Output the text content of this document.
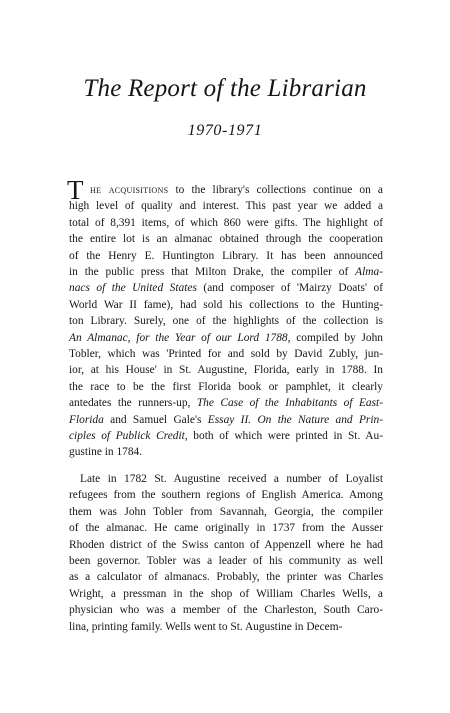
The Report of the Librarian
1970-1971
T he acquisitions to the library's collections continue on a
high level of quality and interest. This past year we added a
total of 8,391 items, of which 860 were gifts. The highlight of
the entire lot is an almanac obtained through the cooperation
of the Henry E. Huntington Library. It has been announced
in the public press that Milton Drake, the compiler of Alma-
nacs of the United States (and composer of 'Mairzy Doats' of
World War II fame), had sold his collections to the Hunting-
ton Library. Surely, one of the highlights of the collection is
An Almanac, for the Year of our Lord 1788, compiled by John
Tobler, which was 'Printed for and sold by David Zubly, jun-
ior, at his House' in St. Augustine, Florida, early in 1788. In
the race to be the first Florida book or pamphlet, it clearly
antedates the runners-up, The Case of the Inhabitants of East-
Florida and Samuel Gale's Essay II. On the Nature and Prin-
ciples of Publick Credit, both of which were printed in St. Au-
gustine in 1784.
Late in 1782 St. Augustine received a number of Loyalist
refugees from the southern regions of English America. Among
them was John Tobler from Savannah, Georgia, the compiler
of the almanac. He came originally in 1737 from the Ausser
Rhoden district of the Swiss canton of Appenzell where he had
been governor. Tobler was a leader of his community as well
as a calculator of almanacs. Probably, the printer was Charles
Wright, a pressman in the shop of William Charles Wells, a
physician who was a member of the Charleston, South Caro-
lina, printing family. Wells went to St. Augustine in Decem-
